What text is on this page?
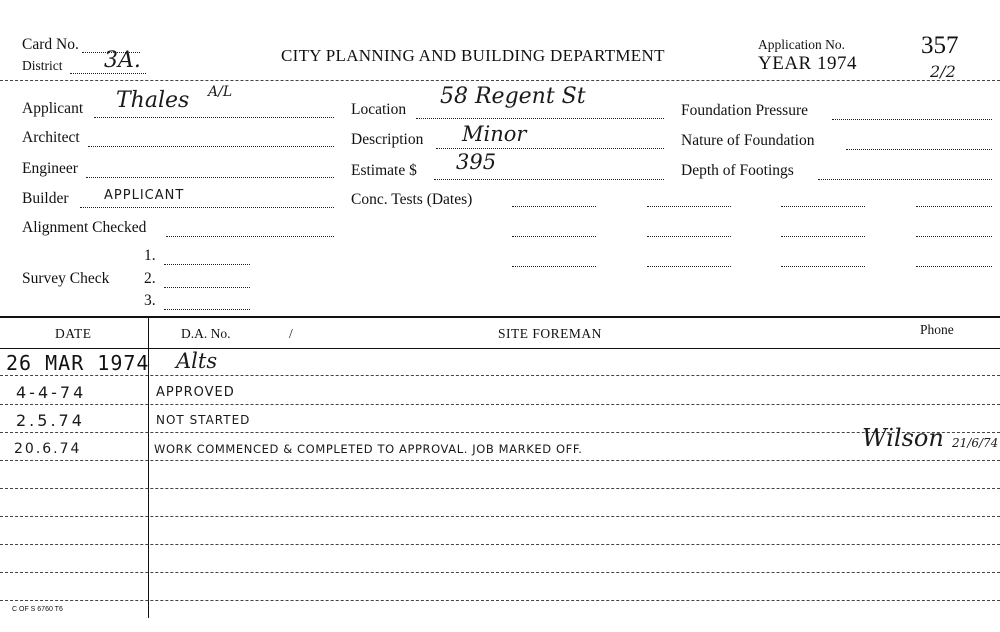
Card No.
District 3A.	CITY PLANNING AND BUILDING DEPARTMENT
Application No.
YEAR 1974
357
2/2
Applicant Thales A/L
Architect
Engineer
Builder	APPLICANT
Alignment Checked
Survey Check
1.
2.
3.
Location
58 Regent St
Description Minor
Estimate $ 395
Conc. Tests (Dates)
Foundation Pressure
Nature of Foundation
Depth of Footings
DATE	D.A. No.	/	SITE FOREMAN	Phone
26 MAR 1974 Alts
4-4-74	APPROVED
2.5.74	NOT STARTED
20.6.74	WORK COMMENCED & COMPLETED TO APPROVAL. JOB MARKED OFF.	Wilson 21/6/74
C OF S 6760 T6
